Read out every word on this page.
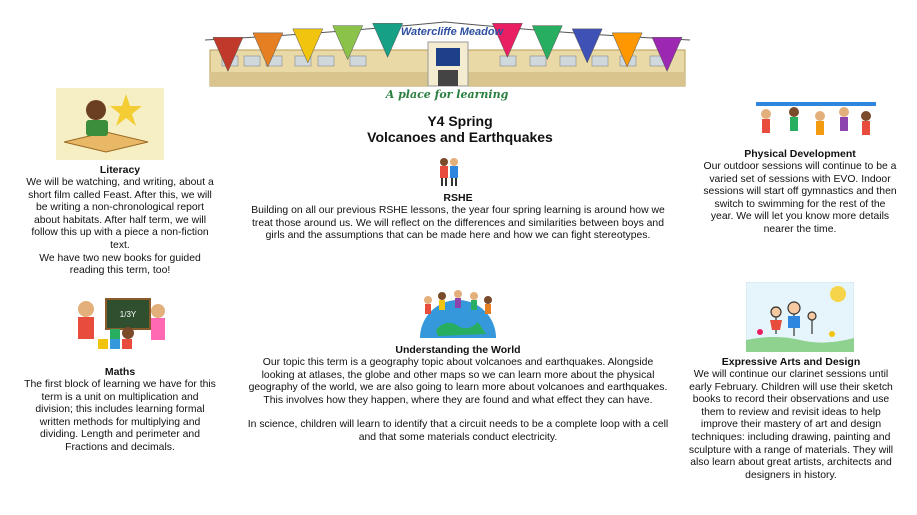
Watercliffe Meadow
A place for learning
Y4 Spring
Volcanoes and Earthquakes
Literacy

We will be watching, and writing, about a short film called Feast. After this, we will be writing a non-chronological report about habitats. After half term, we will follow this up with a piece a non-fiction text.

We have two new books for guided reading this term, too!

RSHE
Building on all our previous RSHE lessons, the year four spring learning is around how we treat those around us. We will reflect on the differences and similarities between boys and girls and the assumptions that can be made here and how we can fight stereotypes.
Physical Development
Our outdoor sessions will continue to be a varied set of sessions with EVO. Indoor sessions will start off gymnastics and then switch to swimming for the rest of the year. We will let you know more details nearer the time.
1/3Y
Maths
The first block of learning we have for this term is a unit on multiplication and division; this includes learning formal written methods for multiplying and dividing. Length and perimeter and Fractions and decimals.
Understanding the World

Our topic this term is a geography topic about volcanoes and earthquakes. Alongside looking at atlases, the globe and other maps so we can learn more about the physical geography of the world, we are also going to learn more about volcanoes and earthquakes. This involves how they happen, where they are found and what effect they can have.

In science, children will learn to identify that a circuit needs to be a complete loop with a cell and that some materials conduct electricity.

Expressive Arts and Design
We will continue our clarinet sessions until early February. Children will use their sketch books to record their observations and use them to review and revisit ideas to help improve their mastery of art and design techniques: including drawing, painting and sculpture with a range of materials. They will also learn about great artists, architects and designers in history.
